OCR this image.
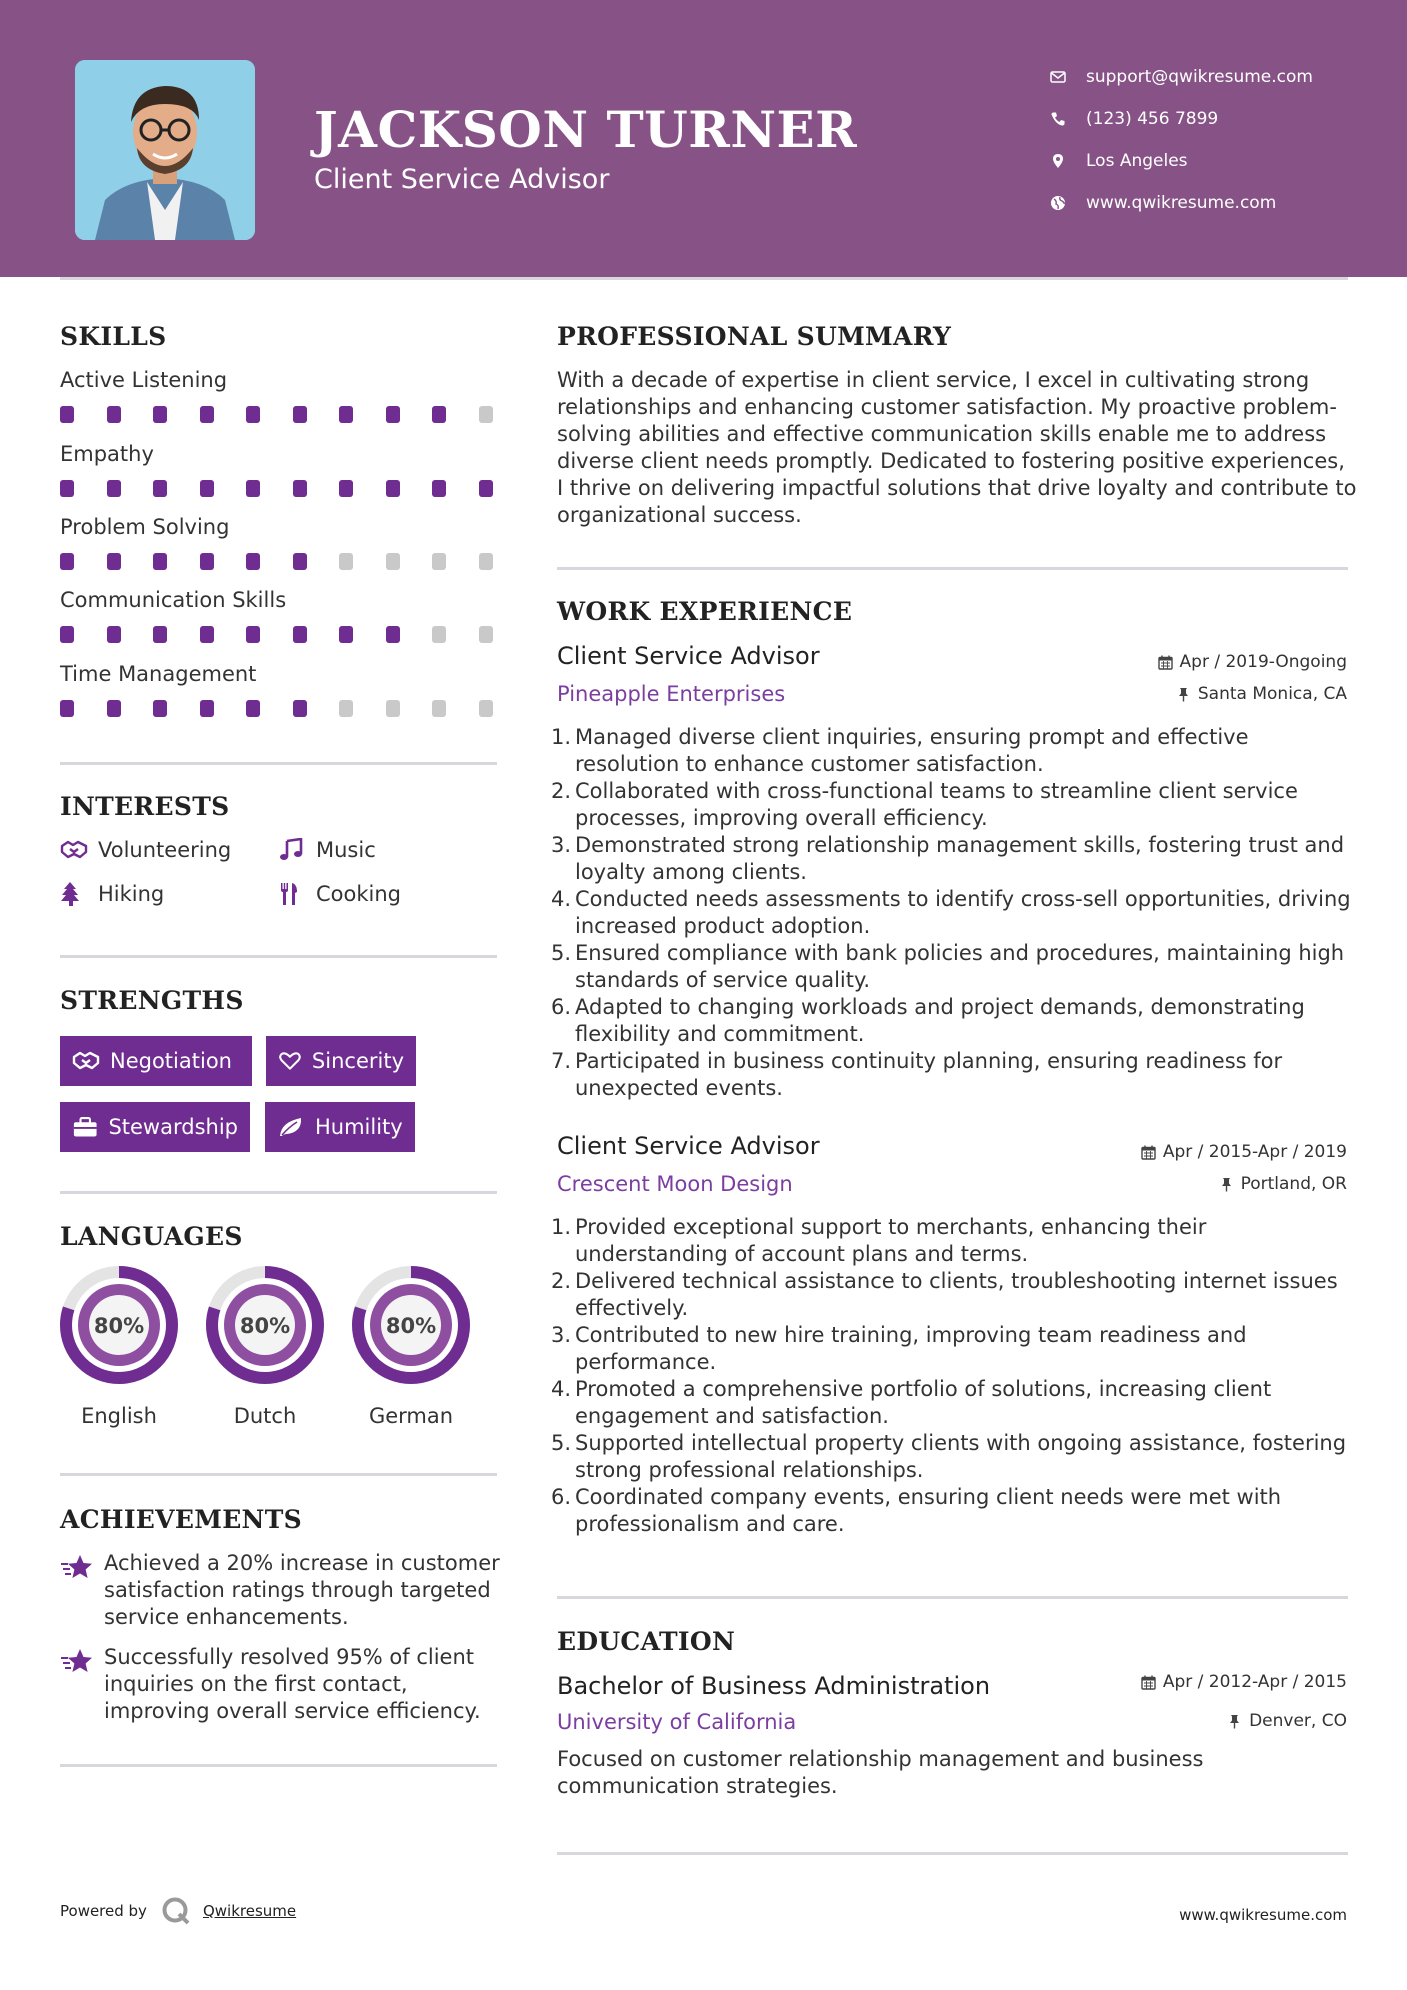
JACKSON TURNER
Client Service Advisor
support@qwikresume.com
(123) 456 7899
Los Angeles
www.qwikresume.com
SKILLS
Active Listening
Empathy
Problem Solving
Communication Skills
Time Management
INTERESTS
Volunteering	Music
Hiking	Cooking
STRENGTHS
Negotiation	Sincerity
Stewardship	Humility
LANGUAGES
80%
English
80%
Dutch
80%
German
ACHIEVEMENTS

Achieved a 20% increase in customer satisfaction ratings through targeted service enhancements.

Successfully resolved 95% of client inquiries on the first contact, improving overall service efficiency.

PROFESSIONAL SUMMARY
With a decade of expertise in client service, I excel in cultivating strong relationships and enhancing customer satisfaction. My proactive problem-solving abilities and effective communication skills enable me to address diverse client needs promptly. Dedicated to fostering positive experiences, I thrive on delivering impactful solutions that drive loyalty and contribute to organizational success.
WORK EXPERIENCE
Client Service Advisor	Apr / 2019-Ongoing
Pineapple Enterprises	Santa Monica, CA
1. Managed diverse client inquiries, ensuring prompt and effective resolution to enhance customer satisfaction.
2. Collaborated with cross-functional teams to streamline client service processes, improving overall efficiency.
3. Demonstrated strong relationship management skills, fostering trust and loyalty among clients.
4. Conducted needs assessments to identify cross-sell opportunities, driving increased product adoption.
5. Ensured compliance with bank policies and procedures, maintaining high standards of service quality.
6. Adapted to changing workloads and project demands, demonstrating flexibility and commitment.
7. Participated in business continuity planning, ensuring readiness for unexpected events.
Client Service Advisor	Apr / 2015-Apr / 2019
Crescent Moon Design	Portland, OR
1. Provided exceptional support to merchants, enhancing their understanding of account plans and terms.
2. Delivered technical assistance to clients, troubleshooting internet issues effectively.
3. Contributed to new hire training, improving team readiness and performance.
4. Promoted a comprehensive portfolio of solutions, increasing client engagement and satisfaction.
5. Supported intellectual property clients with ongoing assistance, fostering strong professional relationships.
6. Coordinated company events, ensuring client needs were met with professionalism and care.
EDUCATION
Bachelor of Business Administration	Apr / 2012-Apr / 2015
University of California	Denver, CO
Focused on customer relationship management and business communication strategies.
Powered by	Qwikresume	www.qwikresume.com
